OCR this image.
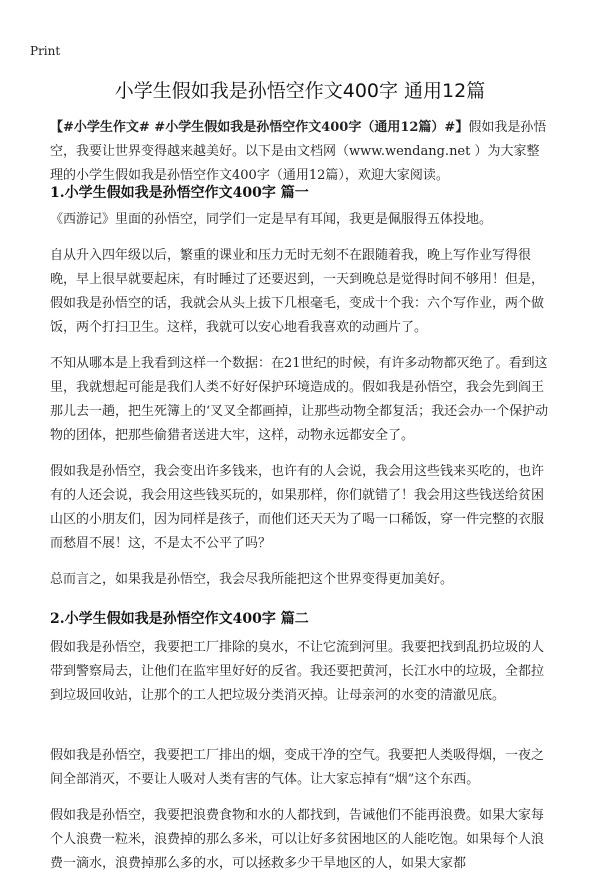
Print
小学生假如我是孙悟空作文400字 通用12篇
【#小学生作文# #小学生假如我是孙悟空作文400字（通用12篇）#】假如我是孙悟空，我要让世界变得越来越美好。以下是由文档网（www.wendang.net ）为大家整理的小学生假如我是孙悟空作文400字（通用12篇），欢迎大家阅读。
1.小学生假如我是孙悟空作文400字 篇一
《西游记》里面的孙悟空，同学们一定是早有耳闻，我更是佩服得五体投地。
自从升入四年级以后，繁重的课业和压力无时无刻不在跟随着我，晚上写作业写得很晚，早上很早就要起床，有时睡过了还要迟到，一天到晚总是觉得时间不够用！但是，假如我是孙悟空的话，我就会从头上拔下几根毫毛，变成十个我：六个写作业，两个做饭，两个打扫卫生。这样，我就可以安心地看我喜欢的动画片了。
不知从哪本是上我看到这样一个数据：在21世纪的时候，有许多动物都灭绝了。看到这里，我就想起可能是我们人类不好好保护环境造成的。假如我是孙悟空，我会先到阎王那儿去一趟，把生死簿上的‘叉叉全都画掉，让那些动物全都复活；我还会办一个保护动物的团体，把那些偷猎者送进大牢，这样，动物永远都安全了。
假如我是孙悟空，我会变出许多钱来，也许有的人会说，我会用这些钱来买吃的，也许有的人还会说，我会用这些钱买玩的，如果那样，你们就错了！我会用这些钱送给贫困山区的小朋友们，因为同样是孩子，而他们还天天为了喝一口稀饭，穿一件完整的衣服而愁眉不展！这，不是太不公平了吗？
总而言之，如果我是孙悟空，我会尽我所能把这个世界变得更加美好。
2.小学生假如我是孙悟空作文400字 篇二
假如我是孙悟空，我要把工厂排除的臭水，不让它流到河里。我要把找到乱扔垃圾的人带到警察局去，让他们在监牢里好好的反省。我还要把黄河，长江水中的垃圾，全都拉到垃圾回收站，让那个的工人把垃圾分类消灭掉。让母亲河的水变的清澈见底。
假如我是孙悟空，我要把工厂排出的烟，变成干净的空气。我要把人类吸得烟，一夜之间全部消灭，不要让人吸对人类有害的气体。让大家忘掉有“烟”这个东西。
假如我是孙悟空，我要把浪费食物和水的人都找到，告诫他们不能再浪费。如果大家每个人浪费一粒米，浪费掉的那么多米，可以让好多贫困地区的人能吃饱。如果每个人浪费一滴水，浪费掉那么多的水，可以拯救多少干旱地区的人，如果大家都
